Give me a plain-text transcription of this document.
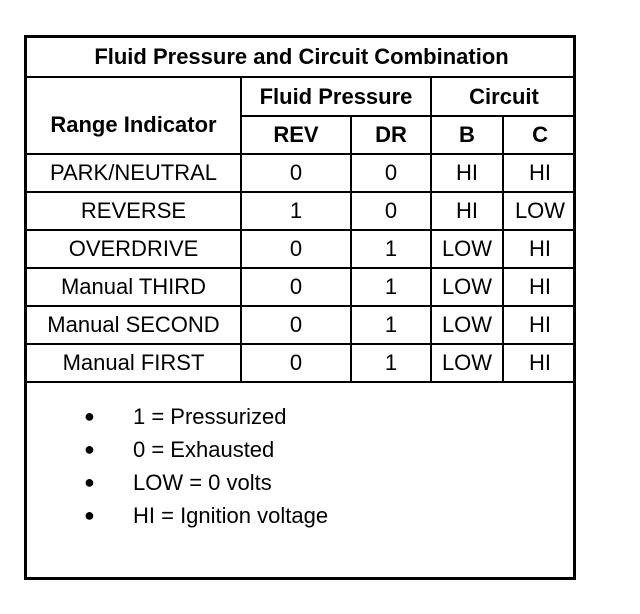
Fluid Pressure and Circuit Combination				
Range Indicator	Fluid Pressure		Circuit	
	REV	DR	B	C
PARK/NEUTRAL	0	0	HI	HI
REVERSE	1	0	HI	LOW
OVERDRIVE	0	1	LOW	HI
Manual THIRD	0	1	LOW	HI
Manual SECOND	0	1	LOW	HI
Manual FIRST	0	1	LOW	HI
● 1 = Pressurized
● 0 = Exhausted
● LOW = 0 volts
● HI = Ignition voltage
